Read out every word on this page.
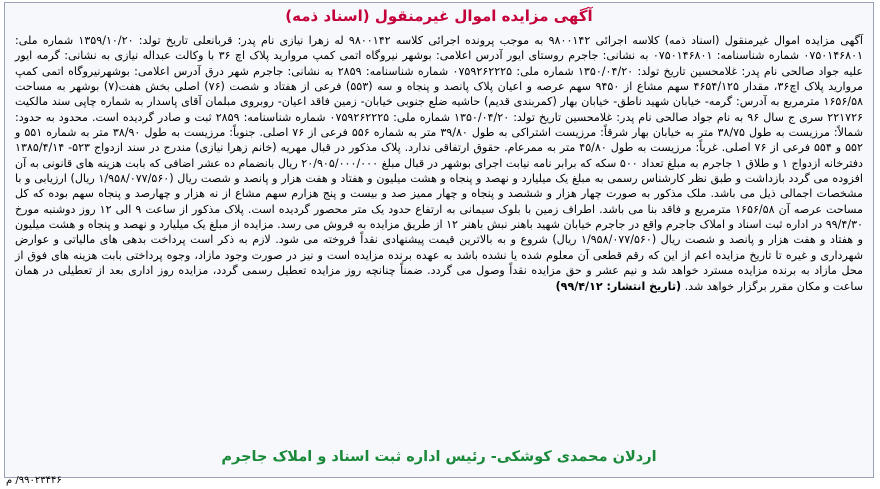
آگهی مزایده اموال غیرمنقول (اسناد ذمه)
آگهی مزایده اموال غیرمنقول (اسناد ذمه) کلاسه اجرائی ۹۸۰۰۱۴۲ به موجب پرونده اجرائی کلاسه ۹۸۰۰۱۴۲ له زهرا نیازی نام پدر: قربانعلی تاریخ تولد: ۱۳۵۹/۱۰/۲۰ شماره ملی: ۰۷۵۰۱۴۶۸۰۱ شماره شناسنامه: ۰۷۵۰۱۴۶۸۰۱ به نشانی: جاجرم روستای ایور آدرس اعلامی: بوشهر نیروگاه اتمی کمپ مروارید پلاک اچ ۳۶ با وکالت عبداله نیازی به نشانی: گرمه ایور علیه جواد صالحی نام پدر: غلامحسین تاریخ تولد: ۱۳۵۰/۰۴/۲۰ شماره ملی: ۰۷۵۹۲۶۲۲۲۵ شماره شناسنامه: ۲۸۵۹ به نشانی: جاجرم شهر درق آدرس اعلامی: بوشهرنیروگاه اتمی کمپ مروارید پلاک اچ۳۶، مقدار ۴۶۵۴/۱۲۵ سهم مشاع از ۹۴۵۰ سهم عرصه و اعیان پلاک پانصد و پنجاه و سه (۵۵۳) فرعی از هفتاد و شصت (۷۶) اصلی بخش هفت(۷) بوشهر به مساحت ۱۶۵۶/۵۸ مترمربع به آدرس: گرمه- خیابان شهید ناطق- خیابان بهار (کمربندی قدیم) حاشیه ضلع جنوبی خیابان- زمین فاقد اعیان- روبروی مبلمان آقای پاسدار به شماره چاپی سند مالکیت ۲۲۱۷۲۶ سری ج سال ۹۶ به نام جواد صالحی نام پدر: غلامحسین تاریخ تولد: ۱۳۵۰/۰۴/۲۰ شماره ملی: ۰۷۵۹۲۶۲۲۲۵ شماره شناسنامه: ۲۸۵۹ ثبت و صادر گردیده است. محدود به حدود: شمالاً: مرزیست به طول ۳۸/۷۵ متر به خیابان بهار شرقاً: مرزیست اشتراکی به طول ۳۹/۸۰ متر به شماره ۵۵۶ فرعی از ۷۶ اصلی. جنوباً: مرزیست به طول ۳۸/۹۰ متر به شماره ۵۵۱ و ۵۵۲ و ۵۵۴ فرعی از ۷۶ اصلی. غرباً: مرزیست به طول ۴۵/۸۰ متر به ممرعام. حقوق ارتفاقی ندارد. پلاک مذکور در قبال مهریه (خانم زهرا نیازی) مندرج در سند ازدواج ۵۲۳- ۱۳۸۵/۴/۱۴ دفترخانه ازدواج ۱ و طلاق ۱ جاجرم به مبلغ تعداد ۵۰۰ سکه که برابر نامه نیابت اجرای بوشهر در قبال مبلغ ۲۰/۹۰۵/۰۰۰/۰۰۰ ریال بانضمام ده عشر اضافی که بابت هزینه های قانونی به آن افزوده می گردد بازداشت و طبق نظر کارشناس رسمی به مبلغ یک میلیارد و نهصد و پنجاه و هشت میلیون و هفتاد و هفت هزار و پانصد و شصت ریال (۱/۹۵۸/۰۷۷/۵۶۰ ریال) ارزیابی و با مشخصات اجمالی ذیل می باشد. ملک مذکور به صورت چهار هزار و ششصد و پنجاه و چهار ممیز صد و بیست و پنج هزارم سهم مشاع از نه هزار و چهارصد و پنجاه سهم بوده که کل مساحت عرصه آن ۱۶۵۶/۵۸ مترمربع و فاقد بنا می باشد. اطراف زمین با بلوک سیمانی به ارتفاع حدود یک متر محصور گردیده است. پلاک مذکور از ساعت ۹ الی ۱۲ روز دوشنبه مورخ ۹۹/۴/۳۰ در اداره ثبت اسناد و املاک جاجرم واقع در جاجرم خیابان شهید باهنر نبش باهنر ۱۲ از طریق مزایده به فروش می رسد. مزایده از مبلغ یک میلیارد و نهصد و پنجاه و هشت میلیون و هفتاد و هفت هزار و پانصد و شصت ریال (۱/۹۵۸/۰۷۷/۵۶۰ ریال) شروع و به بالاترین قیمت پیشنهادی نقداً فروخته می شود. لازم به ذکر است پرداخت بدهی های مالیاتی و عوارض شهرداری و غیره تا تاریخ مزایده اعم از این که رقم قطعی آن معلوم شده یا نشده باشد به عهده برنده مزایده است و نیز در صورت وجود مازاد، وجوه پرداختی بابت هزینه های فوق از محل مازاد به برنده مزایده مسترد خواهد شد و نیم عشر و حق مزایده نقداً وصول می گردد. ضمناً چنانچه روز مزایده تعطیل رسمی گردد، مزایده روز اداری بعد از تعطیلی در همان ساعت و مکان مقرر برگزار خواهد شد. (تاریخ انتشار: ۹۹/۴/۱۲)
اردلان محمدی کوشکی- رئیس اداره ثبت اسناد و املاک جاجرم
۹۹۰۲۳۴۴۶/ م
